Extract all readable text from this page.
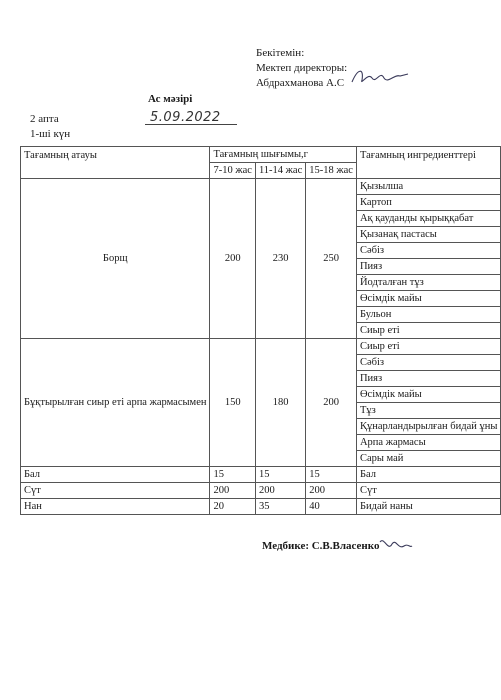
Бекітемін:
Мектеп директоры:
Абдрахманова А.С
Ас мәзірі
5.09.2022
2 апта
1-ші күн
Тағамның атауы	Тағамның шығымы,г			Тағамның ингредиенттері
	7-10 жас	11-14 жас	15-18 жас	
Борщ	200	230	250	Қызылша
				Картоп
				Ақ қауданды қырыққабат
				Қызанақ пастасы
				Сәбіз
				Пияз
				Йодталған тұз
				Өсімдік майы
				Бульон
				Сиыр еті
Бұқтырылған сиыр еті арпа жармасымен	150	180	200	Сиыр еті
				Сәбіз
				Пияз
				Өсімдік майы
				Тұз
				Құнарландырылған бидай ұны
				Арпа жармасы
				Сары май
Бал	15	15	15	Бал
Сүт	200	200	200	Сүт
Нан	20	35	40	Бидай наны
Медбике: С.В.Власенко
